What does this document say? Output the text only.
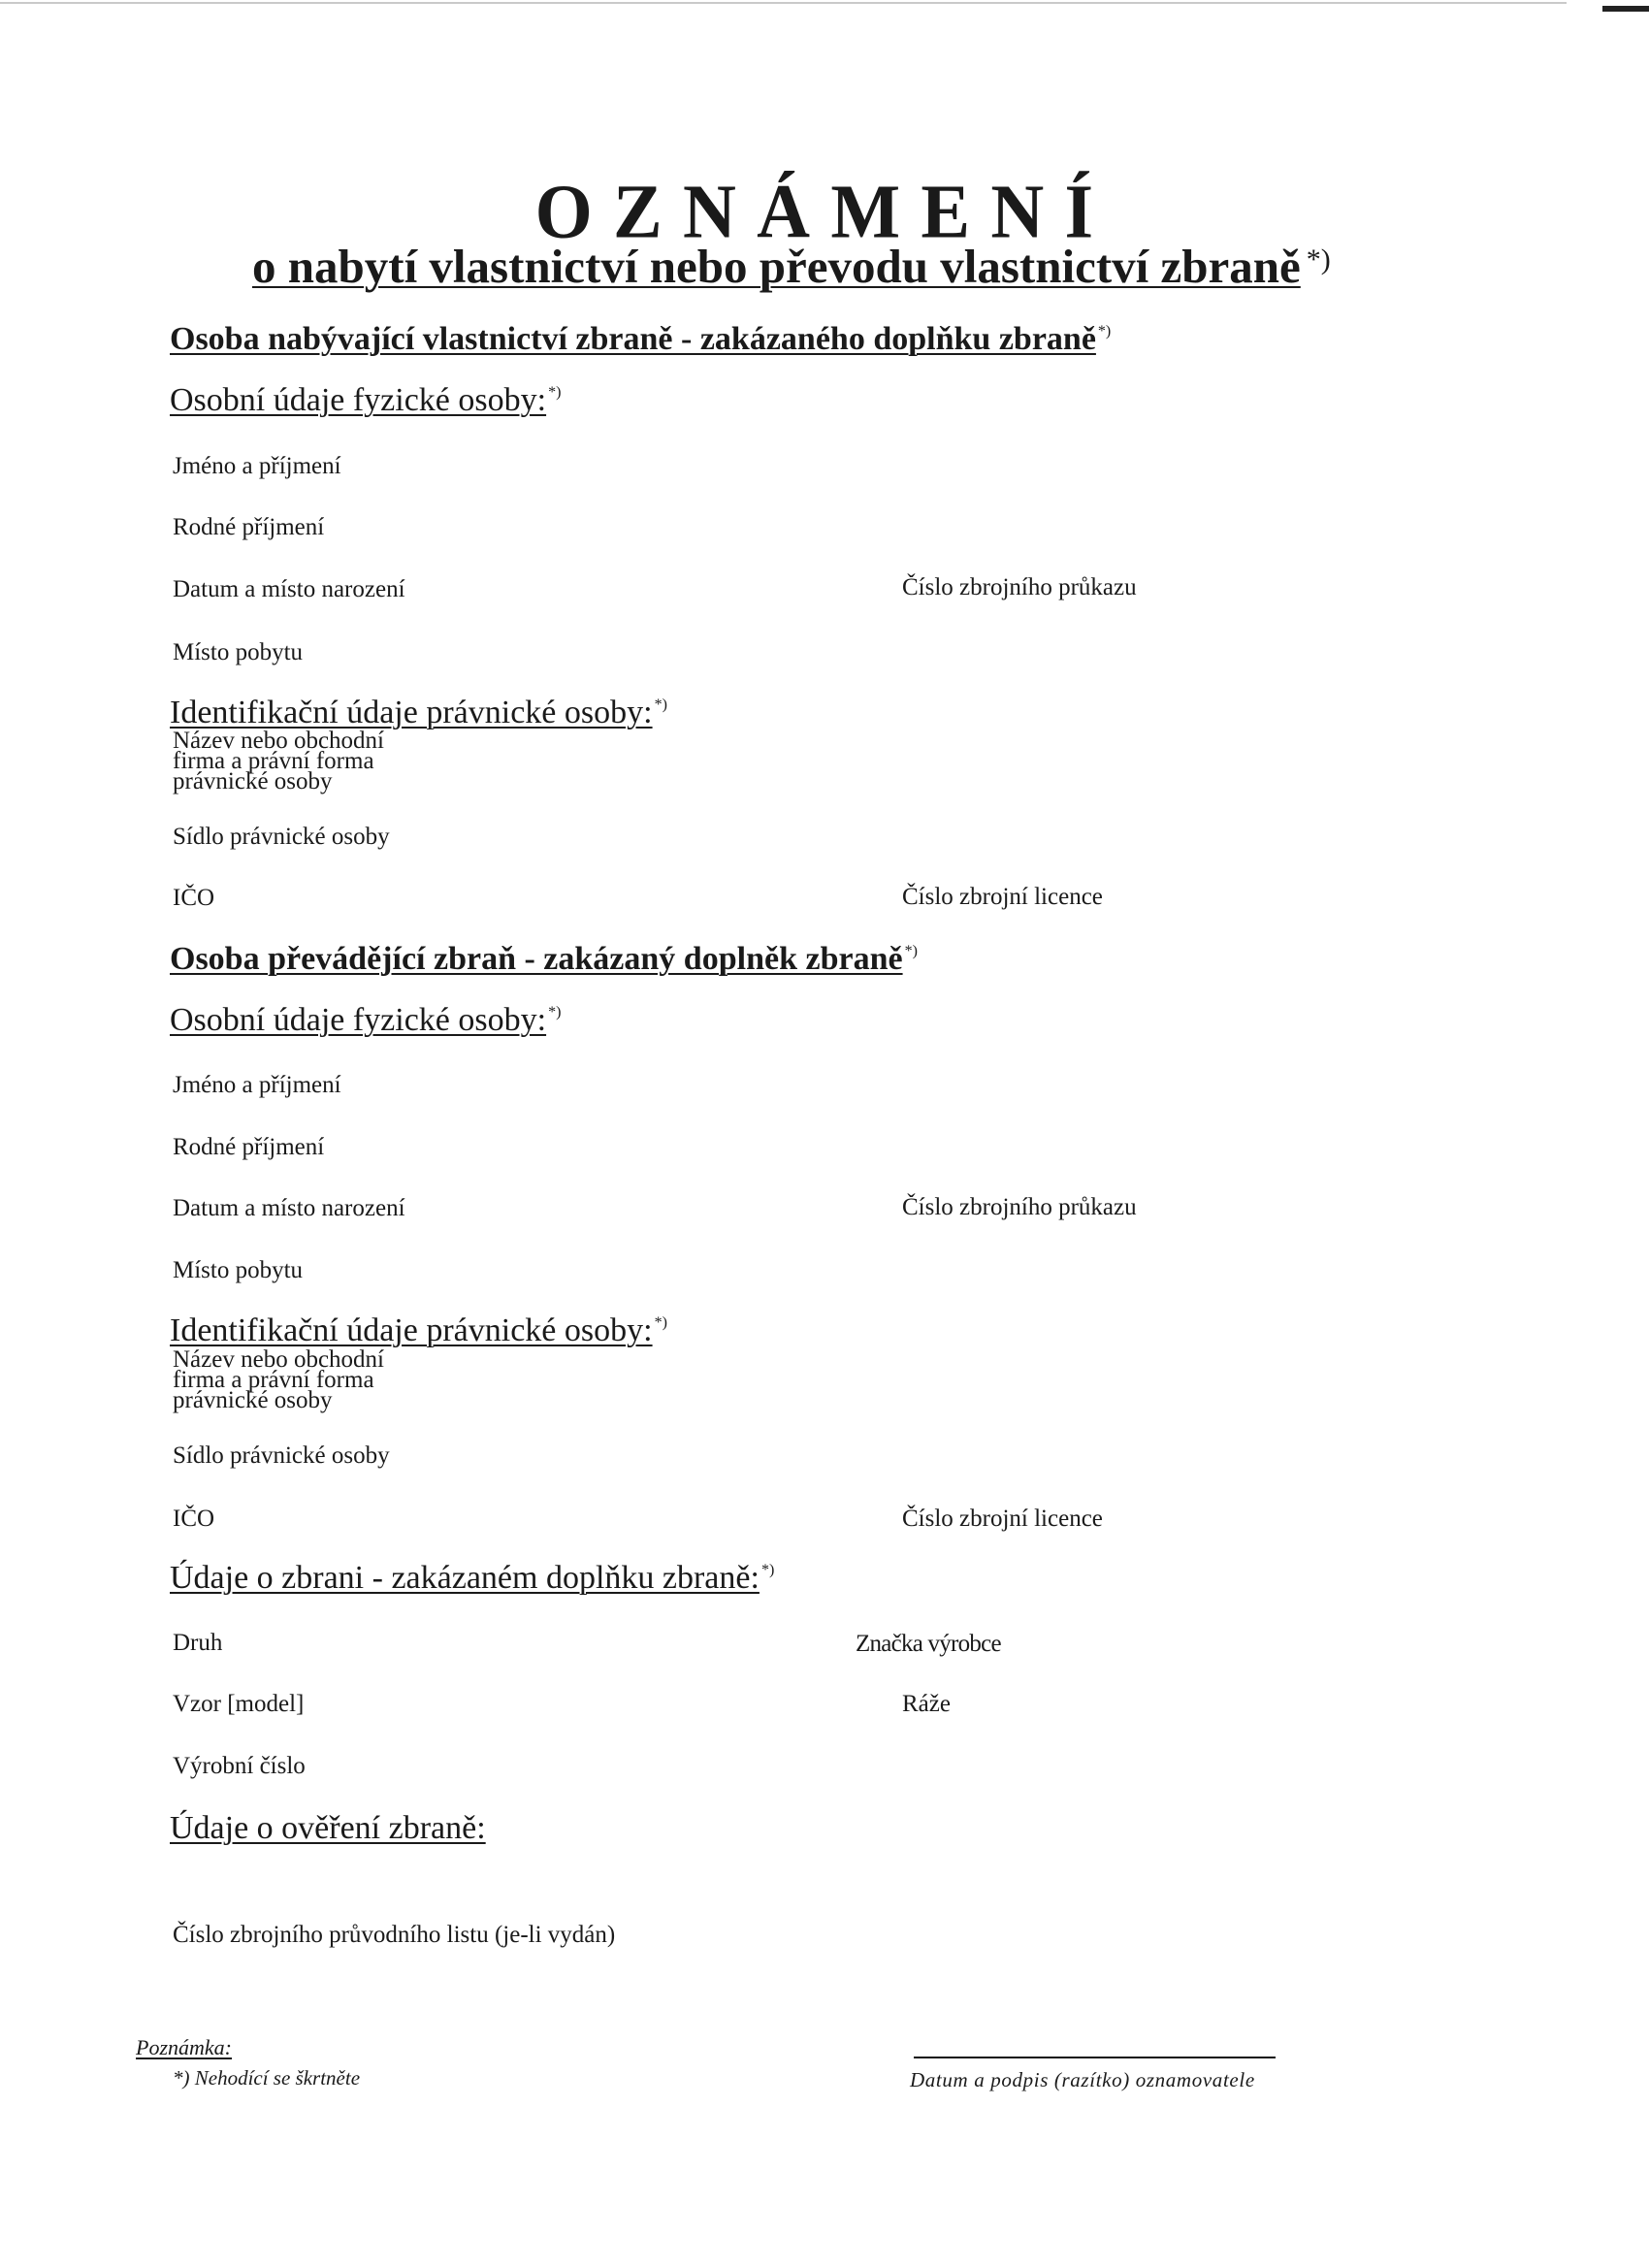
OZNÁMENÍ
o nabytí vlastnictví nebo převodu vlastnictví zbraně *)
Osoba nabývající vlastnictví zbraně - zakázaného doplňku zbraně *)
Osobní údaje fyzické osoby: *)
Jméno a příjmení
Rodné příjmení
Datum a místo narození	Číslo zbrojního průkazu
Místo pobytu
Identifikační údaje právnické osoby: *)
Název nebo obchodní
firma a právní forma
právnické osoby
Sídlo právnické osoby
IČO	Číslo zbrojní licence
Osoba převádějící zbraň - zakázaný doplněk zbraně *)
Osobní údaje fyzické osoby: *)
Jméno a příjmení
Rodné příjmení
Datum a místo narození	Číslo zbrojního průkazu
Místo pobytu
Identifikační údaje právnické osoby: *)
Název nebo obchodní
firma a právní forma
právnické osoby
Sídlo právnické osoby
IČO	Číslo zbrojní licence
Údaje o zbrani - zakázaném doplňku zbraně: *)
Druh	Značka výrobce
Vzor [model]	Ráže
Výrobní číslo
Údaje o ověření zbraně:
Číslo zbrojního průvodního listu (je-li vydán)
Poznámka:
*) Nehodící se škrtněte	Datum a podpis (razítko) oznamovatele
